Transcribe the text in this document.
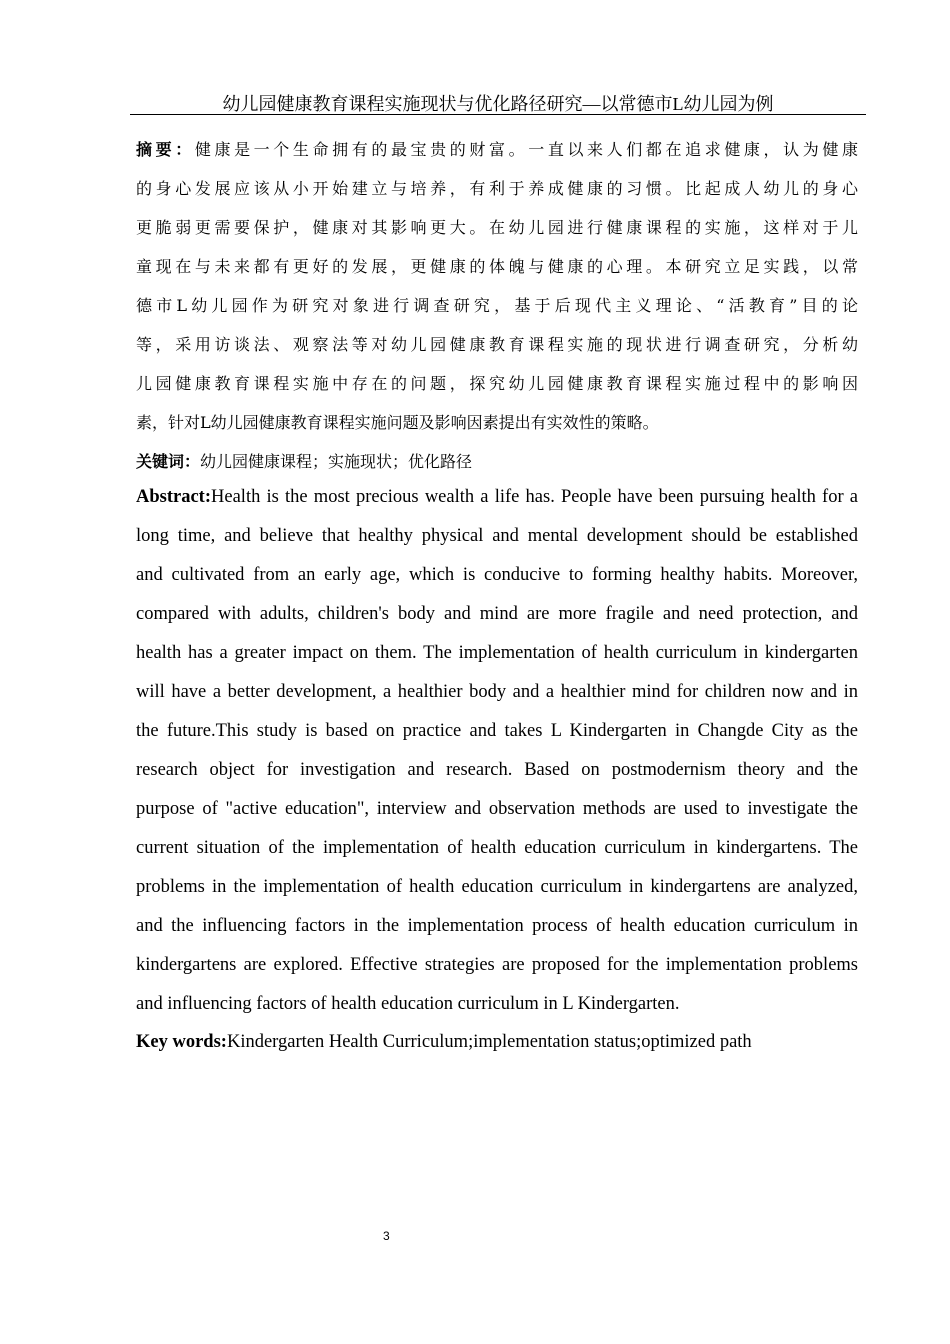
幼儿园健康教育课程实施现状与优化路径研究—以常德市L幼儿园为例
摘要：健康是一个生命拥有的最宝贵的财富。一直以来人们都在追求健康，认为健康
的身心发展应该从小开始建立与培养，有利于养成健康的习惯。比起成人幼儿的身心
更脆弱更需要保护，健康对其影响更大。在幼儿园进行健康课程的实施，这样对于儿
童现在与未来都有更好的发展，更健康的体魄与健康的心理。本研究立足实践，以常
德市L幼儿园作为研究对象进行调查研究，基于后现代主义理论、“活教育”目的论
等，采用访谈法、观察法等对幼儿园健康教育课程实施的现状进行调查研究，分析幼
儿园健康教育课程实施中存在的问题，探究幼儿园健康教育课程实施过程中的影响因
素，针对L幼儿园健康教育课程实施问题及影响因素提出有实效性的策略。
关键词：幼儿园健康课程；实施现状；优化路径
Abstract:Health is the most precious wealth a life has. People have been pursuing health for a
long time, and believe that healthy physical and mental development should be established
and cultivated from an early age, which is conducive to forming healthy habits. Moreover,
compared with adults, children's body and mind are more fragile and need protection, and
health has a greater impact on them. The implementation of health curriculum in kindergarten
will have a better development, a healthier body and a healthier mind for children now and in
the future.This study is based on practice and takes L Kindergarten in Changde City as the
research object for investigation and research. Based on postmodernism theory and the
purpose of "active education", interview and observation methods are used to investigate the
current situation of the implementation of health education curriculum in kindergartens. The
problems in the implementation of health education curriculum in kindergartens are analyzed,
and the influencing factors in the implementation process of health education curriculum in
kindergartens are explored. Effective strategies are proposed for the implementation problems
and influencing factors of health education curriculum in L Kindergarten.
Key words:Kindergarten Health Curriculum;implementation status;optimized path
3
